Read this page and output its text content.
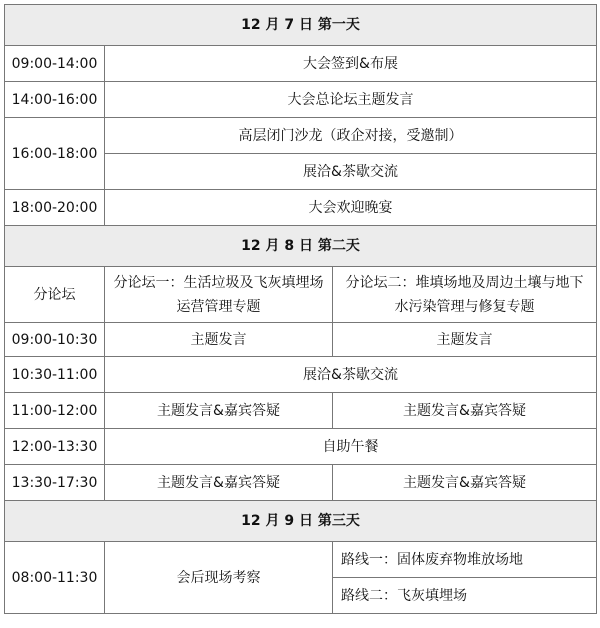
12 月 7 日 第一天		
09:00-14:00	大会签到&布展	
14:00-16:00	大会总论坛主题发言	
16:00-18:00	高层闭门沙龙（政企对接，受邀制）	
	展洽&茶歇交流	
18:00-20:00	大会欢迎晚宴	
12 月 8 日 第二天		
分论坛	分论坛一：生活垃圾及飞灰填埋场运营管理专题	分论坛二：堆填场地及周边土壤与地下水污染管理与修复专题
09:00-10:30	主题发言	主题发言
10:30-11:00	展洽&茶歇交流	
11:00-12:00	主题发言&嘉宾答疑	主题发言&嘉宾答疑
12:00-13:30	自助午餐	
13:30-17:30	主题发言&嘉宾答疑	主题发言&嘉宾答疑
12 月 9 日 第三天		
08:00-11:30	会后现场考察	路线一：固体废弃物堆放场地
		路线二：飞灰填埋场
